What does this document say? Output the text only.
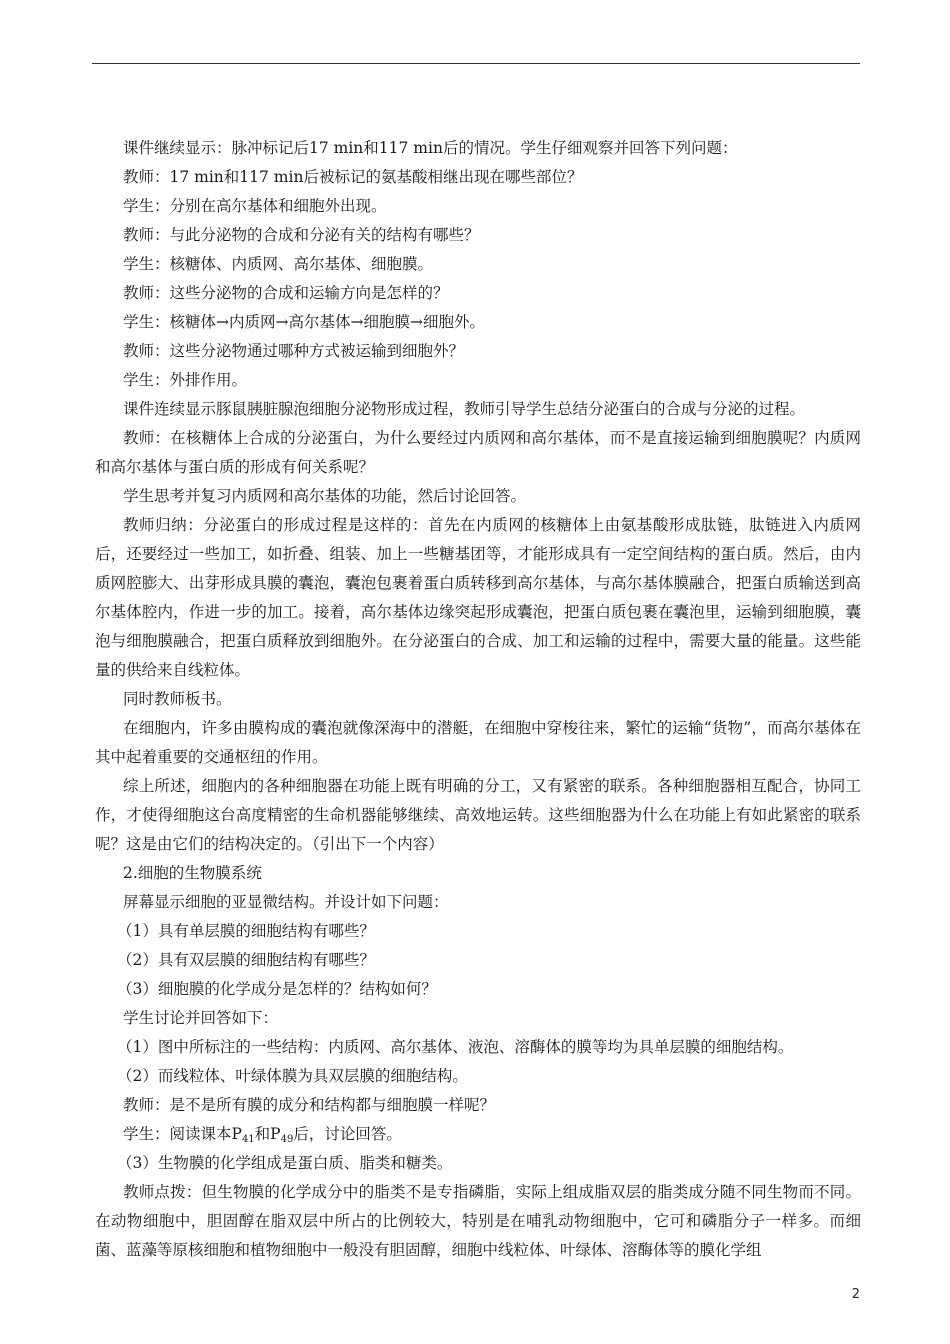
课件继续显示：脉冲标记后17 min和117 min后的情况。学生仔细观察并回答下列问题：

教师：17 min和117 min后被标记的氨基酸相继出现在哪些部位？

学生：分别在高尔基体和细胞外出现。

教师：与此分泌物的合成和分泌有关的结构有哪些？

学生：核糖体、内质网、高尔基体、细胞膜。

教师：这些分泌物的合成和运输方向是怎样的？

学生：核糖体→内质网→高尔基体→细胞膜→细胞外。

教师：这些分泌物通过哪种方式被运输到细胞外？

学生：外排作用。

课件连续显示豚鼠胰脏腺泡细胞分泌物形成过程，教师引导学生总结分泌蛋白的合成与分泌的过程。

教师：在核糖体上合成的分泌蛋白，为什么要经过内质网和高尔基体，而不是直接运输到细胞膜呢？内质网和高尔基体与蛋白质的形成有何关系呢？

学生思考并复习内质网和高尔基体的功能，然后讨论回答。

教师归纳：分泌蛋白的形成过程是这样的：首先在内质网的核糖体上由氨基酸形成肽链，肽链进入内质网后，还要经过一些加工，如折叠、组装、加上一些糖基团等，才能形成具有一定空间结构的蛋白质。然后，由内质网腔膨大、出芽形成具膜的囊泡，囊泡包裹着蛋白质转移到高尔基体，与高尔基体膜融合，把蛋白质输送到高尔基体腔内，作进一步的加工。接着，高尔基体边缘突起形成囊泡，把蛋白质包裹在囊泡里，运输到细胞膜，囊泡与细胞膜融合，把蛋白质释放到细胞外。在分泌蛋白的合成、加工和运输的过程中，需要大量的能量。这些能量的供给来自线粒体。

同时教师板书。

在细胞内，许多由膜构成的囊泡就像深海中的潜艇，在细胞中穿梭往来，繁忙的运输“货物”，而高尔基体在其中起着重要的交通枢纽的作用。

综上所述，细胞内的各种细胞器在功能上既有明确的分工，又有紧密的联系。各种细胞器相互配合，协同工作，才使得细胞这台高度精密的生命机器能够继续、高效地运转。这些细胞器为什么在功能上有如此紧密的联系呢？这是由它们的结构决定的。（引出下一个内容）

2.细胞的生物膜系统

屏幕显示细胞的亚显微结构。并设计如下问题：

（1）具有单层膜的细胞结构有哪些？

（2）具有双层膜的细胞结构有哪些？

（3）细胞膜的化学成分是怎样的？结构如何？

学生讨论并回答如下：

（1）图中所标注的一些结构：内质网、高尔基体、液泡、溶酶体的膜等均为具单层膜的细胞结构。

（2）而线粒体、叶绿体膜为具双层膜的细胞结构。

教师：是不是所有膜的成分和结构都与细胞膜一样呢？

学生：阅读课本$P_{41}$和$P_{49}$后，讨论回答。

（3）生物膜的化学组成是蛋白质、脂类和糖类。

教师点拨：但生物膜的化学成分中的脂类不是专指磷脂，实际上组成脂双层的脂类成分随不同生物而不同。在动物细胞中，胆固醇在脂双层中所占的比例较大，特别是在哺乳动物细胞中，它可和磷脂分子一样多。而细菌、蓝藻等原核细胞和植物细胞中一般没有胆固醇，细胞中线粒体、叶绿体、溶酶体等的膜化学组

2
